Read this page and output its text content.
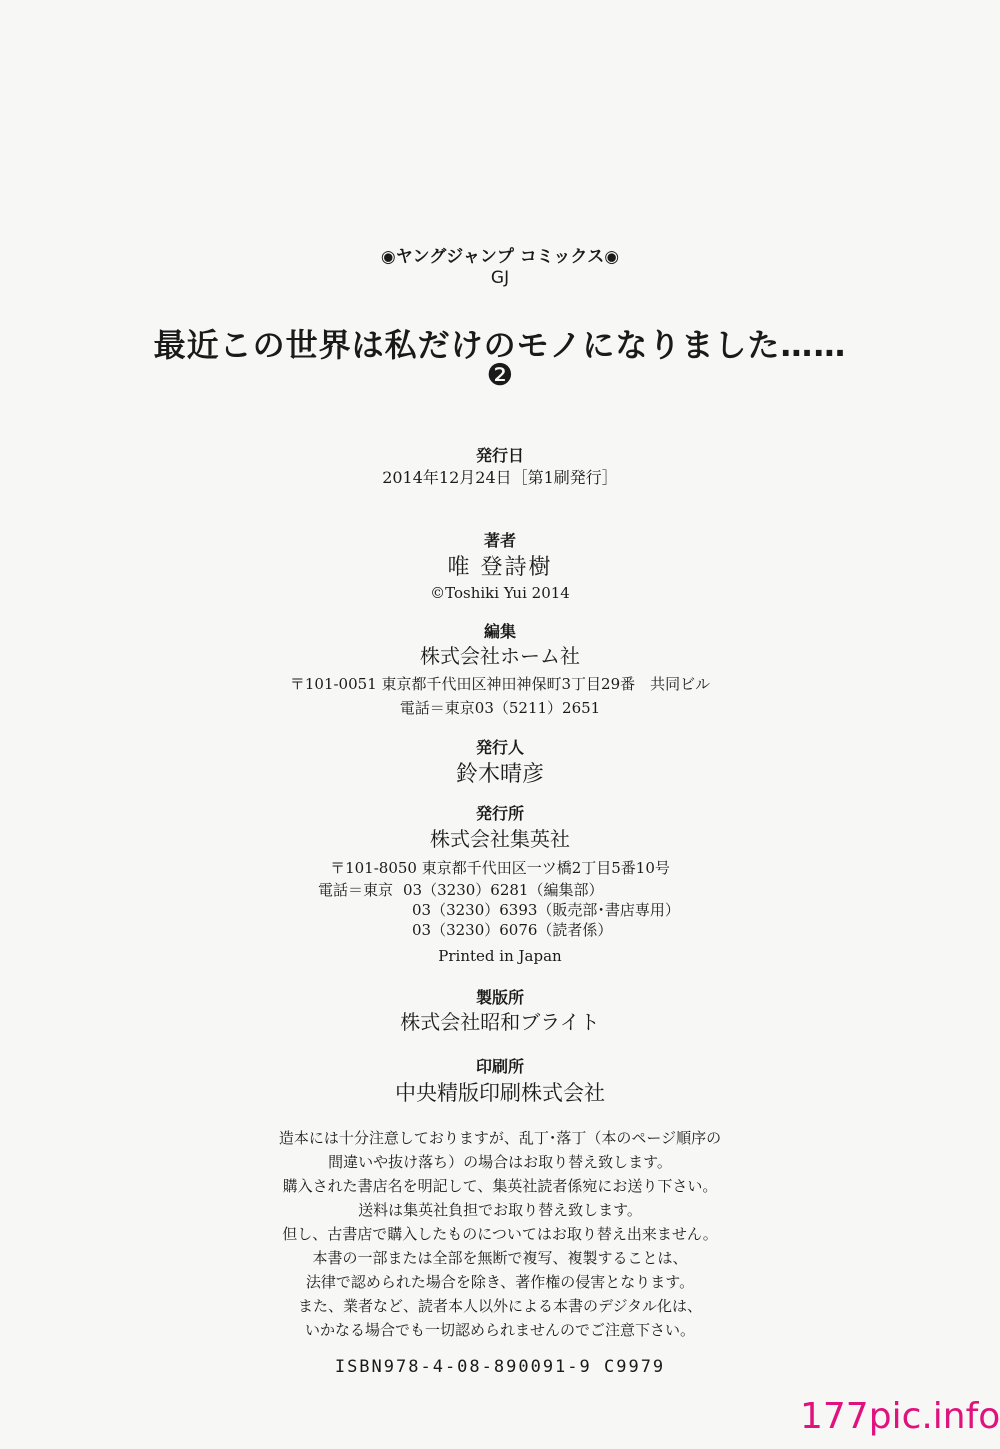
◉ヤングジャンプ コミックス◉
GJ
最近この世界は私だけのモノになりました……
❷
発行日
2014年12月24日［第1刷発行］
著者
唯 登詩樹
©Toshiki Yui 2014
編集
株式会社ホーム社
〒101-0051 東京都千代田区神田神保町3丁目29番　共同ビル
電話＝東京03（5211）2651
発行人
鈴木晴彦
発行所
株式会社集英社
〒101-8050 東京都千代田区一ツ橋2丁目5番10号
電話＝東京 03（3230）6281（編集部）
03（3230）6393（販売部･書店専用）
03（3230）6076（読者係）
Printed in Japan
製版所
株式会社昭和ブライト
印刷所
中央精版印刷株式会社
造本には十分注意しておりますが、乱丁･落丁（本のページ順序の
間違いや抜け落ち）の場合はお取り替え致します。
購入された書店名を明記して、集英社読者係宛にお送り下さい。
送料は集英社負担でお取り替え致します。
但し、古書店で購入したものについてはお取り替え出来ません。
本書の一部または全部を無断で複写、複製することは、
法律で認められた場合を除き、著作権の侵害となります。
また、業者など、読者本人以外による本書のデジタル化は、
いかなる場合でも一切認められませんのでご注意下さい。
ISBN978-4-08-890091-9 C9979
177pic.info
